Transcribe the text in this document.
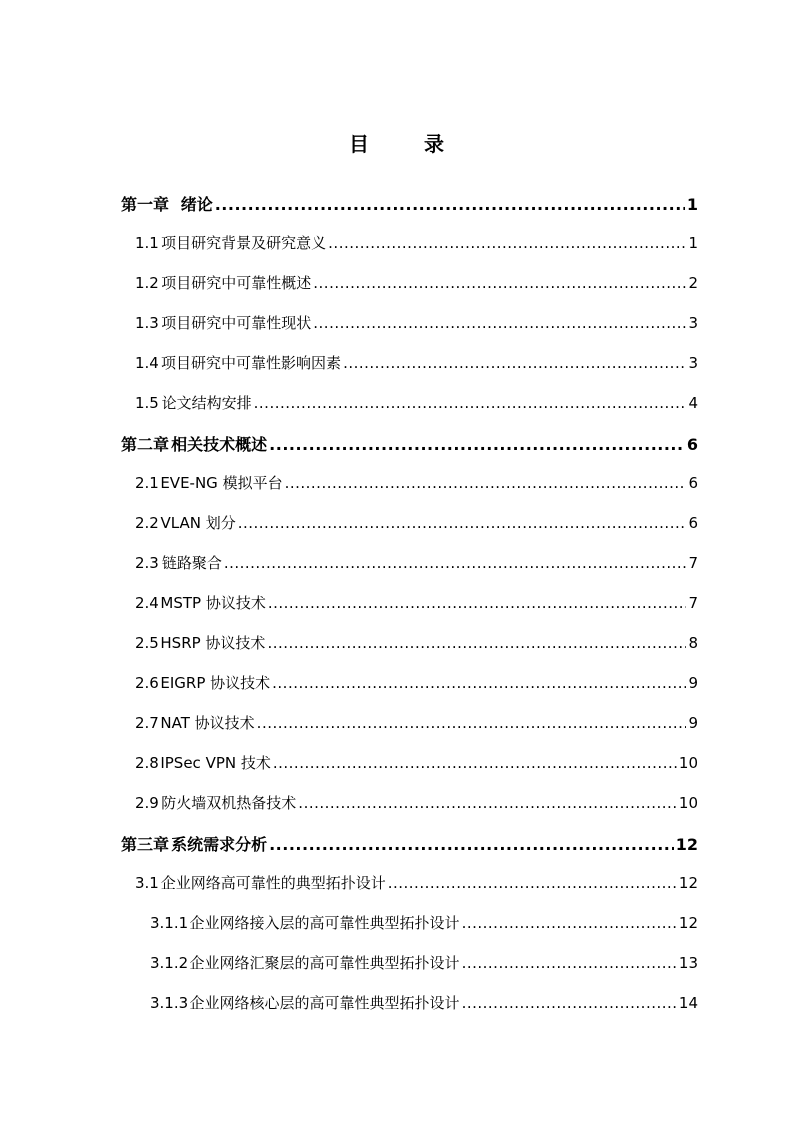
目 录
第一章 绪论 .....	1
1.1 项目研究背景及研究意义 .....	1
1.2 项目研究中可靠性概述 .....	2
1.3 项目研究中可靠性现状 .....	3
1.4 项目研究中可靠性影响因素 .....	3
1.5 论文结构安排 .....	4
第二章 相关技术概述 .....	6
2.1 EVE-NG 模拟平台 .....	6
2.2 VLAN 划分 .....	6
2.3 链路聚合 .....	7
2.4 MSTP 协议技术 .....	7
2.5 HSRP 协议技术 .....	8
2.6 EIGRP 协议技术 .....	9
2.7 NAT 协议技术 .....	9
2.8 IPSec VPN 技术 .....	10
2.9 防火墙双机热备技术 .....	10
第三章 系统需求分析 .....	12
3.1 企业网络高可靠性的典型拓扑设计 .....	12
3.1.1 企业网络接入层的高可靠性典型拓扑设计 .....	12
3.1.2 企业网络汇聚层的高可靠性典型拓扑设计 .....	13
3.1.3 企业网络核心层的高可靠性典型拓扑设计 .....	14
